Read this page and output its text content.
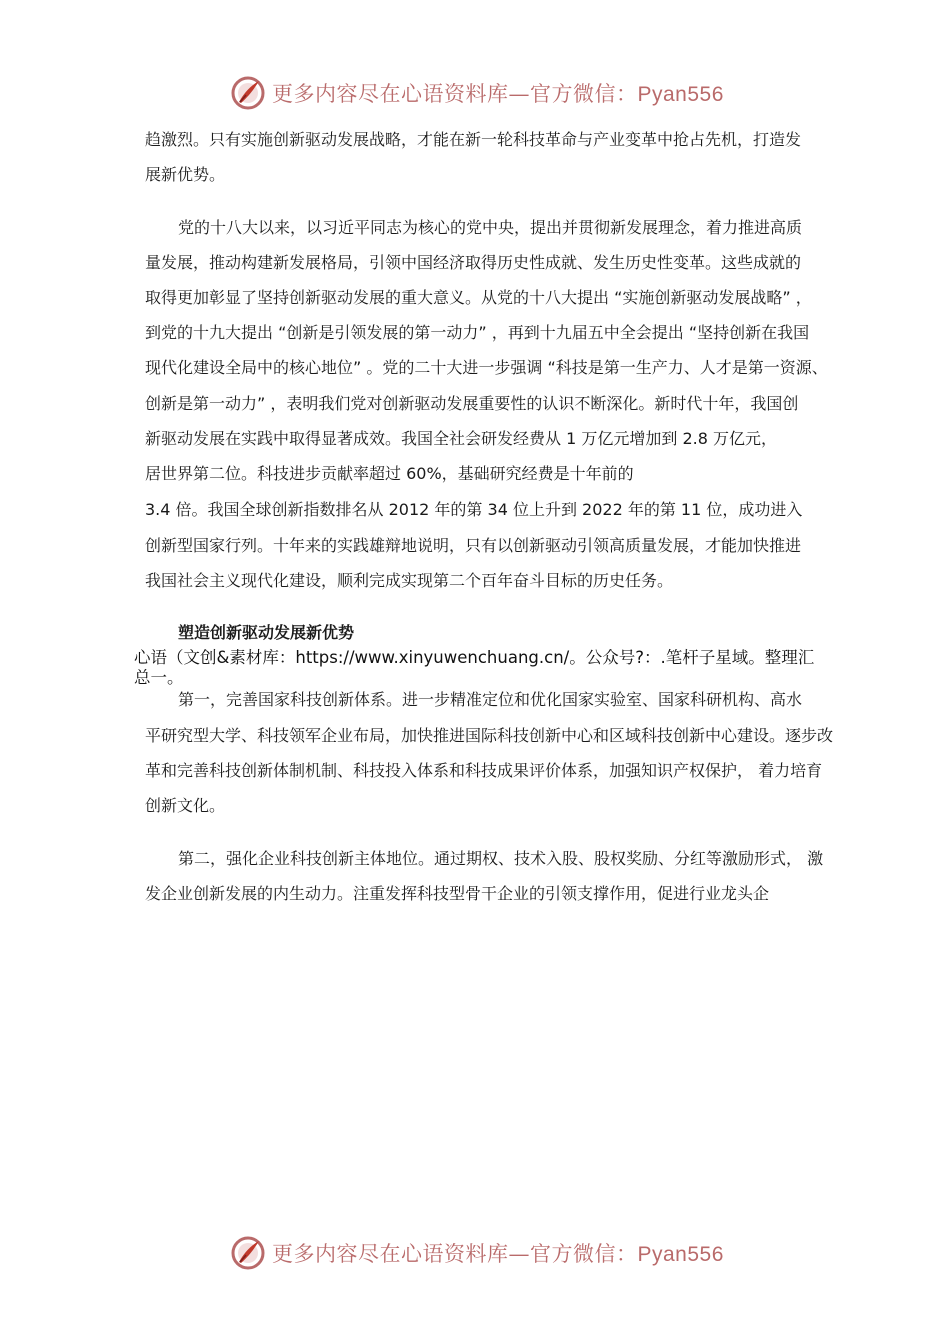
更多内容尽在心语资料库—官方微信：Pyan556
趋激烈。只有实施创新驱动发展战略，才能在新一轮科技革命与产业变革中抢占先机，打造发
展新优势。
党的十八大以来，以习近平同志为核心的党中央，提出并贯彻新发展理念，着力推进高质
量发展，推动构建新发展格局，引领中国经济取得历史性成就、发生历史性变革。这些成就的
取得更加彰显了坚持创新驱动发展的重大意义。从党的十八大提出 “实施创新驱动发展战略” ，
到党的十九大提出 “创新是引领发展的第一动力” ，再到十九届五中全会提出 “坚持创新在我国
现代化建设全局中的核心地位” 。党的二十大进一步强调 “科技是第一生产力、人才是第一资源、
创新是第一动力” ，表明我们党对创新驱动发展重要性的认识不断深化。新时代十年，我国创
新驱动发展在实践中取得显著成效。我国全社会研发经费从 1 万亿元增加到 2.8 万亿元，
居世界第二位。科技进步贡献率超过 60%，基础研究经费是十年前的
3.4 倍。我国全球创新指数排名从 2012 年的第 34 位上升到 2022 年的第 11 位，成功进入
创新型国家行列。十年来的实践雄辩地说明，只有以创新驱动引领高质量发展，才能加快推进
我国社会主义现代化建设，顺利完成实现第二个百年奋斗目标的历史任务。
塑造创新驱动发展新优势
心语（文创&素材库：https://www.xinyuwenchuang.cn/。公众号?：.笔杆子星域。整理汇
总一。
第一，完善国家科技创新体系。进一步精准定位和优化国家实验室、国家科研机构、高水
平研究型大学、科技领军企业布局，加快推进国际科技创新中心和区域科技创新中心建设。逐步改
革和完善科技创新体制机制、科技投入体系和科技成果评价体系，加强知识产权保护， 着力培育
创新文化。
第二，强化企业科技创新主体地位。通过期权、技术入股、股权奖励、分红等激励形式， 激
发企业创新发展的内生动力。注重发挥科技型骨干企业的引领支撑作用，促进行业龙头企
更多内容尽在心语资料库—官方微信：Pyan556
